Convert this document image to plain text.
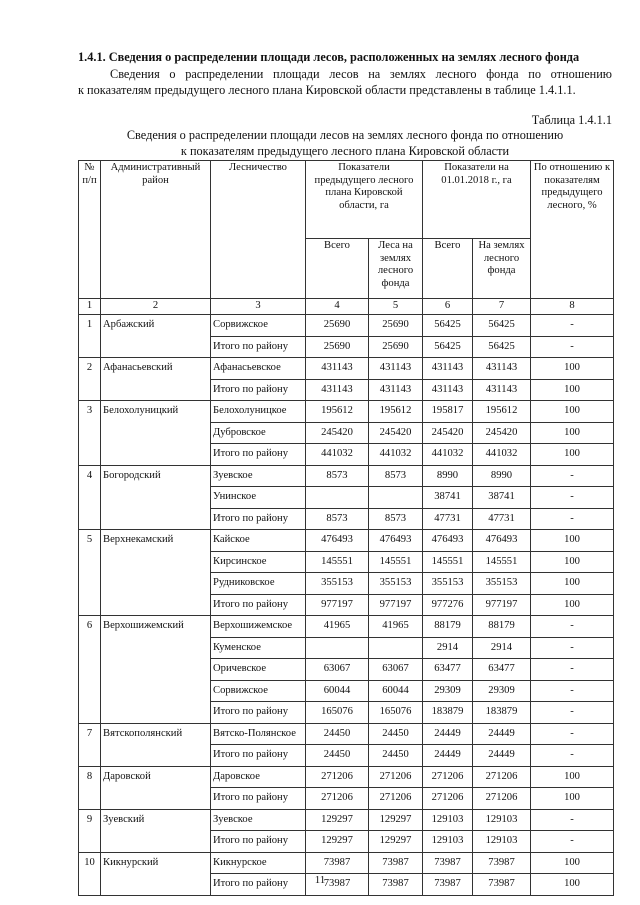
1.4.1. Сведения о распределении площади лесов, расположенных на землях лесного фонда
Сведения о распределении площади лесов на землях лесного фонда по отношению
к показателям предыдущего лесного плана Кировской области представлены в таблице 1.4.1.1.
Таблица 1.4.1.1
Сведения о распределении площади лесов на землях лесного фонда по отношению
к показателям предыдущего лесного плана Кировской области
№ п/п	Административный район	Лесничество	Показатели предыдущего лесного плана Кировской области, га		Показатели на 01.01.2018 г., га		По отношению к показателям предыдущего лесного, %
			Всего	Леса на землях лесного фонда	Всего	На землях лесного фонда	
1	2	3	4	5	6	7	8
1	Арбажский	Сорвижское	25690	25690	56425	56425	-
		Итого по району	25690	25690	56425	56425	-
2	Афанасьевский	Афанасьевское	431143	431143	431143	431143	100
		Итого по району	431143	431143	431143	431143	100
3	Белохолуницкий	Белохолуницкое	195612	195612	195817	195612	100
		Дубровское	245420	245420	245420	245420	100
		Итого по району	441032	441032	441032	441032	100
4	Богородский	Зуевское	8573	8573	8990	8990	-
		Унинское			38741	38741	-
		Итого по району	8573	8573	47731	47731	-
5	Верхнекамский	Кайское	476493	476493	476493	476493	100
		Кирсинское	145551	145551	145551	145551	100
		Рудниковское	355153	355153	355153	355153	100
		Итого по району	977197	977197	977276	977197	100
6	Верхошижемский	Верхошижемское	41965	41965	88179	88179	-
		Куменское			2914	2914	-
		Оричевское	63067	63067	63477	63477	-
		Сорвижское	60044	60044	29309	29309	-
		Итого по району	165076	165076	183879	183879	-
7	Вятскополянский	Вятско-Полянское	24450	24450	24449	24449	-
		Итого по району	24450	24450	24449	24449	-
8	Даровской	Даровское	271206	271206	271206	271206	100
		Итого по району	271206	271206	271206	271206	100
9	Зуевский	Зуевское	129297	129297	129103	129103	-
		Итого по району	129297	129297	129103	129103	-
10	Кикнурский	Кикнурское	73987	73987	73987	73987	100
		Итого по району	73987	73987	73987	73987	100
11
